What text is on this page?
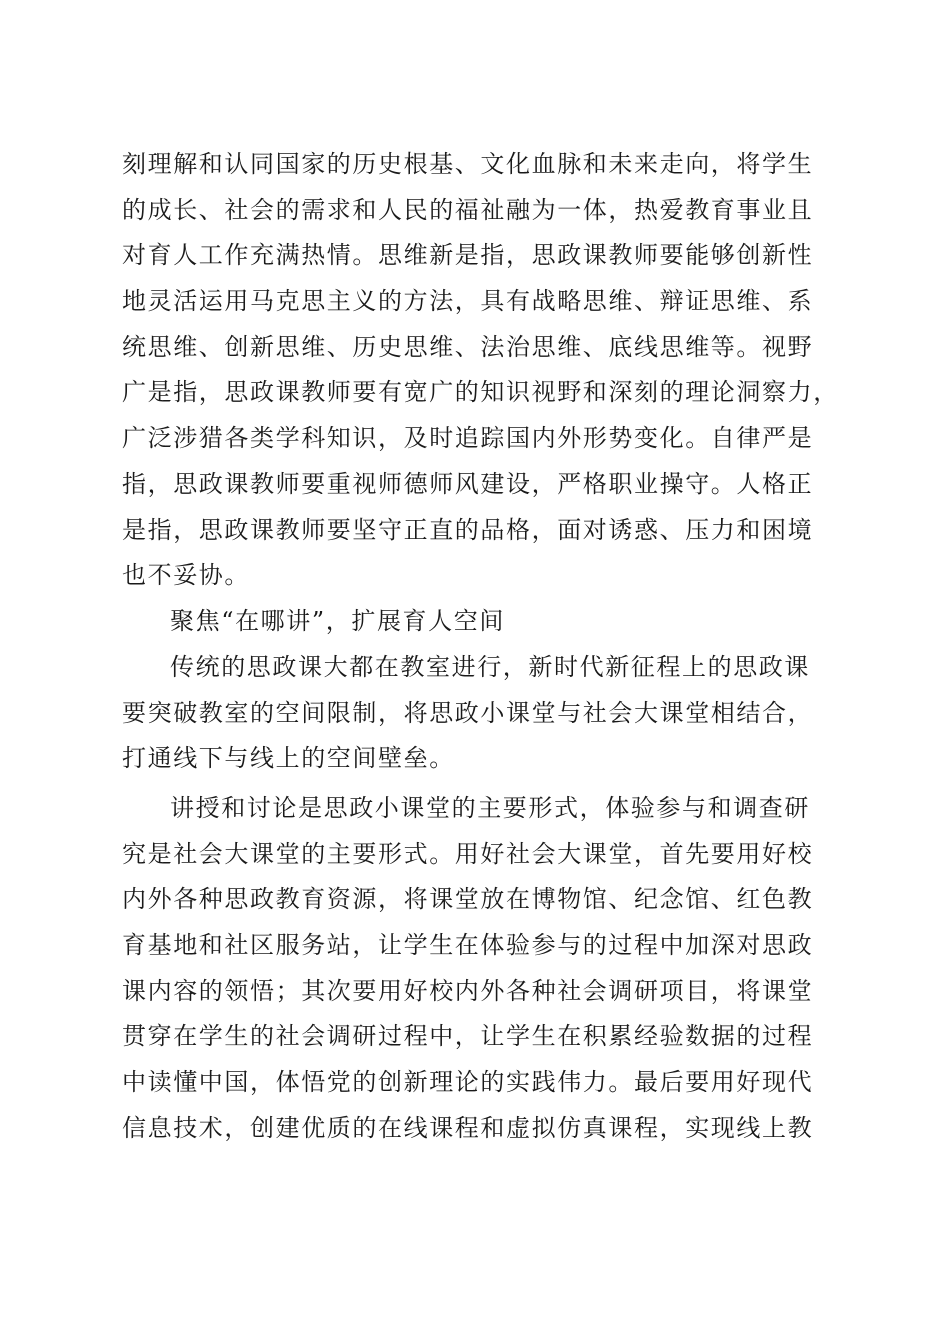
刻理解和认同国家的历史根基、文化血脉和未来走向，将学生
的成长、社会的需求和人民的福祉融为一体，热爱教育事业且
对育人工作充满热情。思维新是指，思政课教师要能够创新性
地灵活运用马克思主义的方法，具有战略思维、辩证思维、系
统思维、创新思维、历史思维、法治思维、底线思维等。视野
广是指，思政课教师要有宽广的知识视野和深刻的理论洞察力，
广泛涉猎各类学科知识，及时追踪国内外形势变化。自律严是
指，思政课教师要重视师德师风建设，严格职业操守。人格正
是指，思政课教师要坚守正直的品格，面对诱惑、压力和困境
也不妥协。
聚焦“在哪讲”，扩展育人空间
传统的思政课大都在教室进行，新时代新征程上的思政课
要突破教室的空间限制，将思政小课堂与社会大课堂相结合，
打通线下与线上的空间壁垒。
讲授和讨论是思政小课堂的主要形式，体验参与和调查研
究是社会大课堂的主要形式。用好社会大课堂，首先要用好校
内外各种思政教育资源，将课堂放在博物馆、纪念馆、红色教
育基地和社区服务站，让学生在体验参与的过程中加深对思政
课内容的领悟；其次要用好校内外各种社会调研项目，将课堂
贯穿在学生的社会调研过程中，让学生在积累经验数据的过程
中读懂中国，体悟党的创新理论的实践伟力。最后要用好现代
信息技术，创建优质的在线课程和虚拟仿真课程，实现线上教
